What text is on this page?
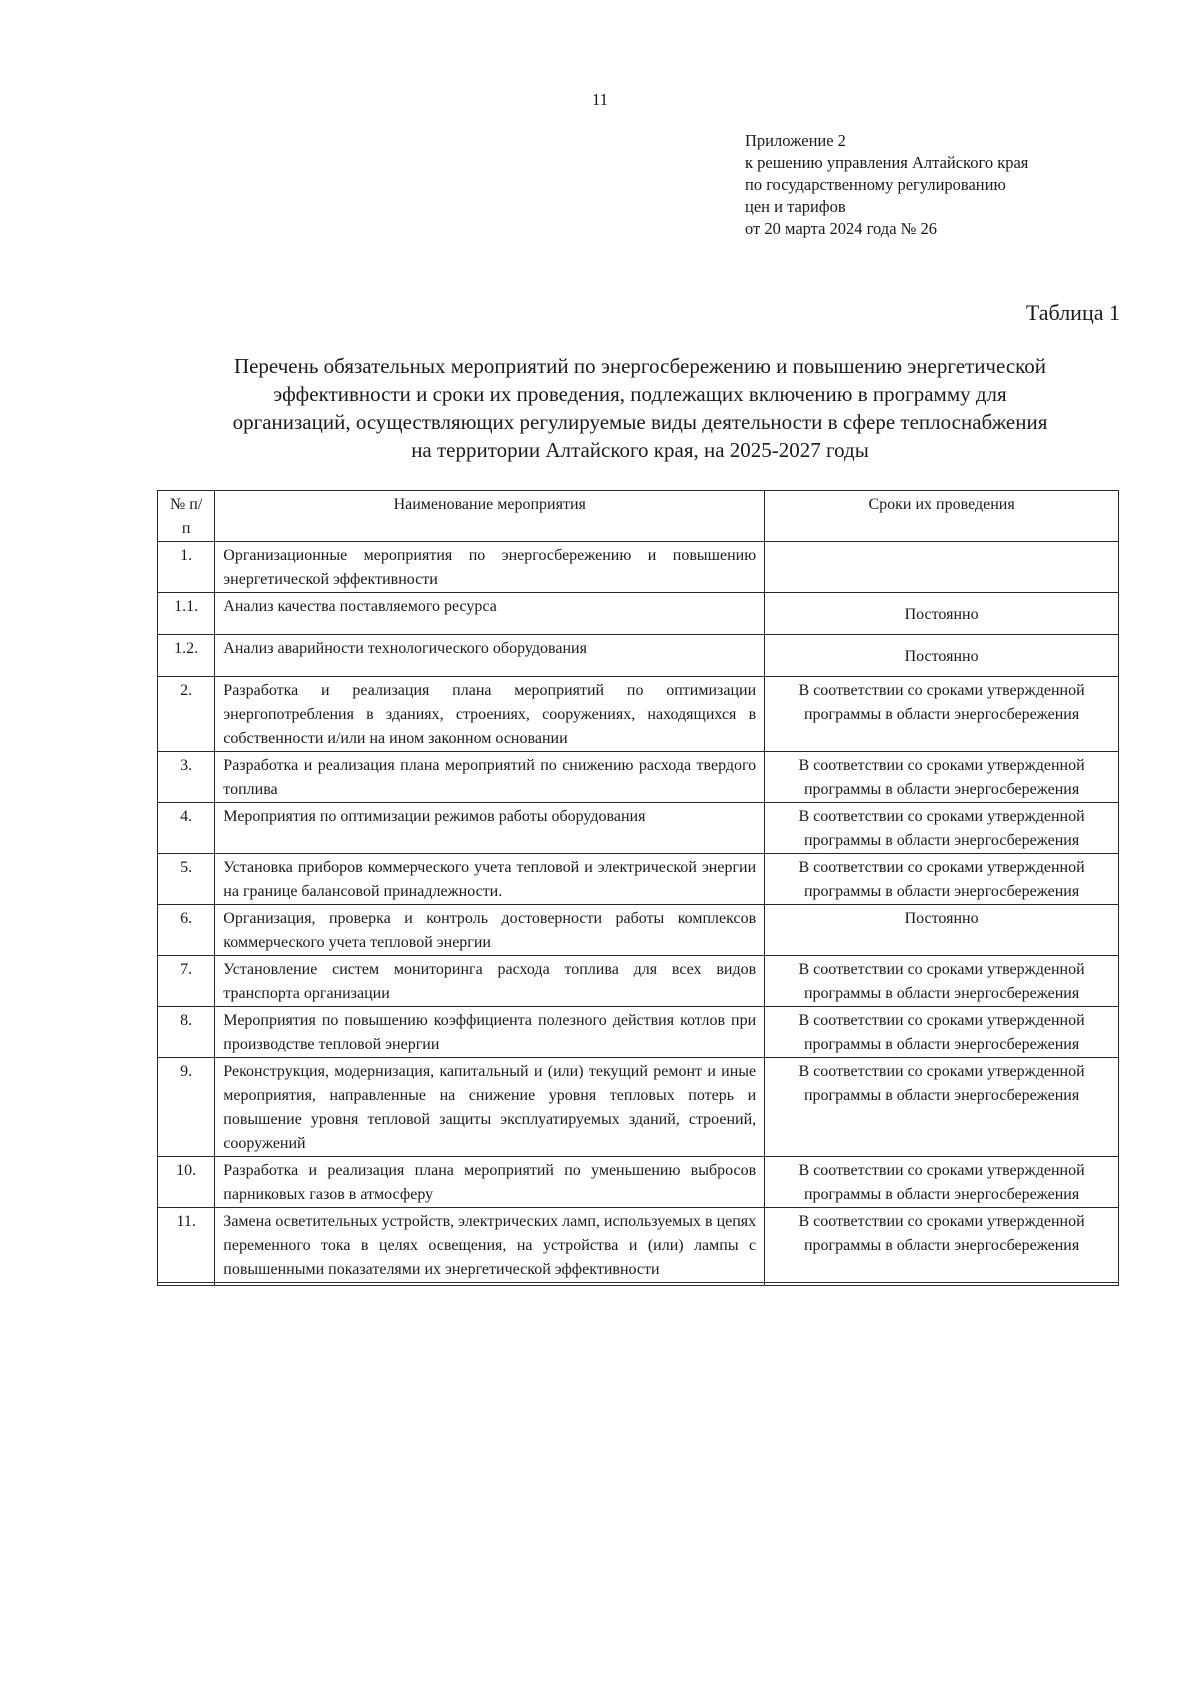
11
Приложение 2
к решению управления Алтайского края
по государственному регулированию
цен и тарифов
от 20 марта 2024 года № 26
Таблица 1
Перечень обязательных мероприятий по энергосбережению и повышению энергетической
эффективности и сроки их проведения, подлежащих включению в программу для
организаций, осуществляющих регулируемые виды деятельности в сфере теплоснабжения
на территории Алтайского края, на 2025-2027 годы
№ п/п	Наименование мероприятия	Сроки их проведения
1.	Организационные мероприятия по энергосбережению и повышению энергетической эффективности	
1.1.	Анализ качества поставляемого ресурса	Постоянно
1.2.	Анализ аварийности технологического оборудования	Постоянно
2.	Разработка и реализация плана мероприятий по оптимизации энергопотребления в зданиях, строениях, сооружениях, находящихся в собственности и/или на ином законном основании	В соответствии со сроками утвержденной программы в области энергосбережения
3.	Разработка и реализация плана мероприятий по снижению расхода твердого топлива	В соответствии со сроками утвержденной программы в области энергосбережения
4.	Мероприятия по оптимизации режимов работы оборудования	В соответствии со сроками утвержденной программы в области энергосбережения
5.	Установка приборов коммерческого учета тепловой и электрической энергии на границе балансовой принадлежности.	В соответствии со сроками утвержденной программы в области энергосбережения
6.	Организация, проверка и контроль достоверности работы комплексов коммерческого учета тепловой энергии	Постоянно
7.	Установление систем мониторинга расхода топлива для всех видов транспорта организации	В соответствии со сроками утвержденной программы в области энергосбережения
8.	Мероприятия по повышению коэффициента полезного действия котлов при производстве тепловой энергии	В соответствии со сроками утвержденной программы в области энергосбережения
9.	Реконструкция, модернизация, капитальный и (или) текущий ремонт и иные мероприятия, направленные на снижение уровня тепловых потерь и повышение уровня тепловой защиты эксплуатируемых зданий, строений, сооружений	В соответствии со сроками утвержденной программы в области энергосбережения
10.	Разработка и реализация плана мероприятий по уменьшению выбросов парниковых газов в атмосферу	В соответствии со сроками утвержденной программы в области энергосбережения
11.	Замена осветительных устройств, электрических ламп, используемых в цепях переменного тока в целях освещения, на устройства и (или) лампы с повышенными показателями их энергетической эффективности	В соответствии со сроками утвержденной программы в области энергосбережения
